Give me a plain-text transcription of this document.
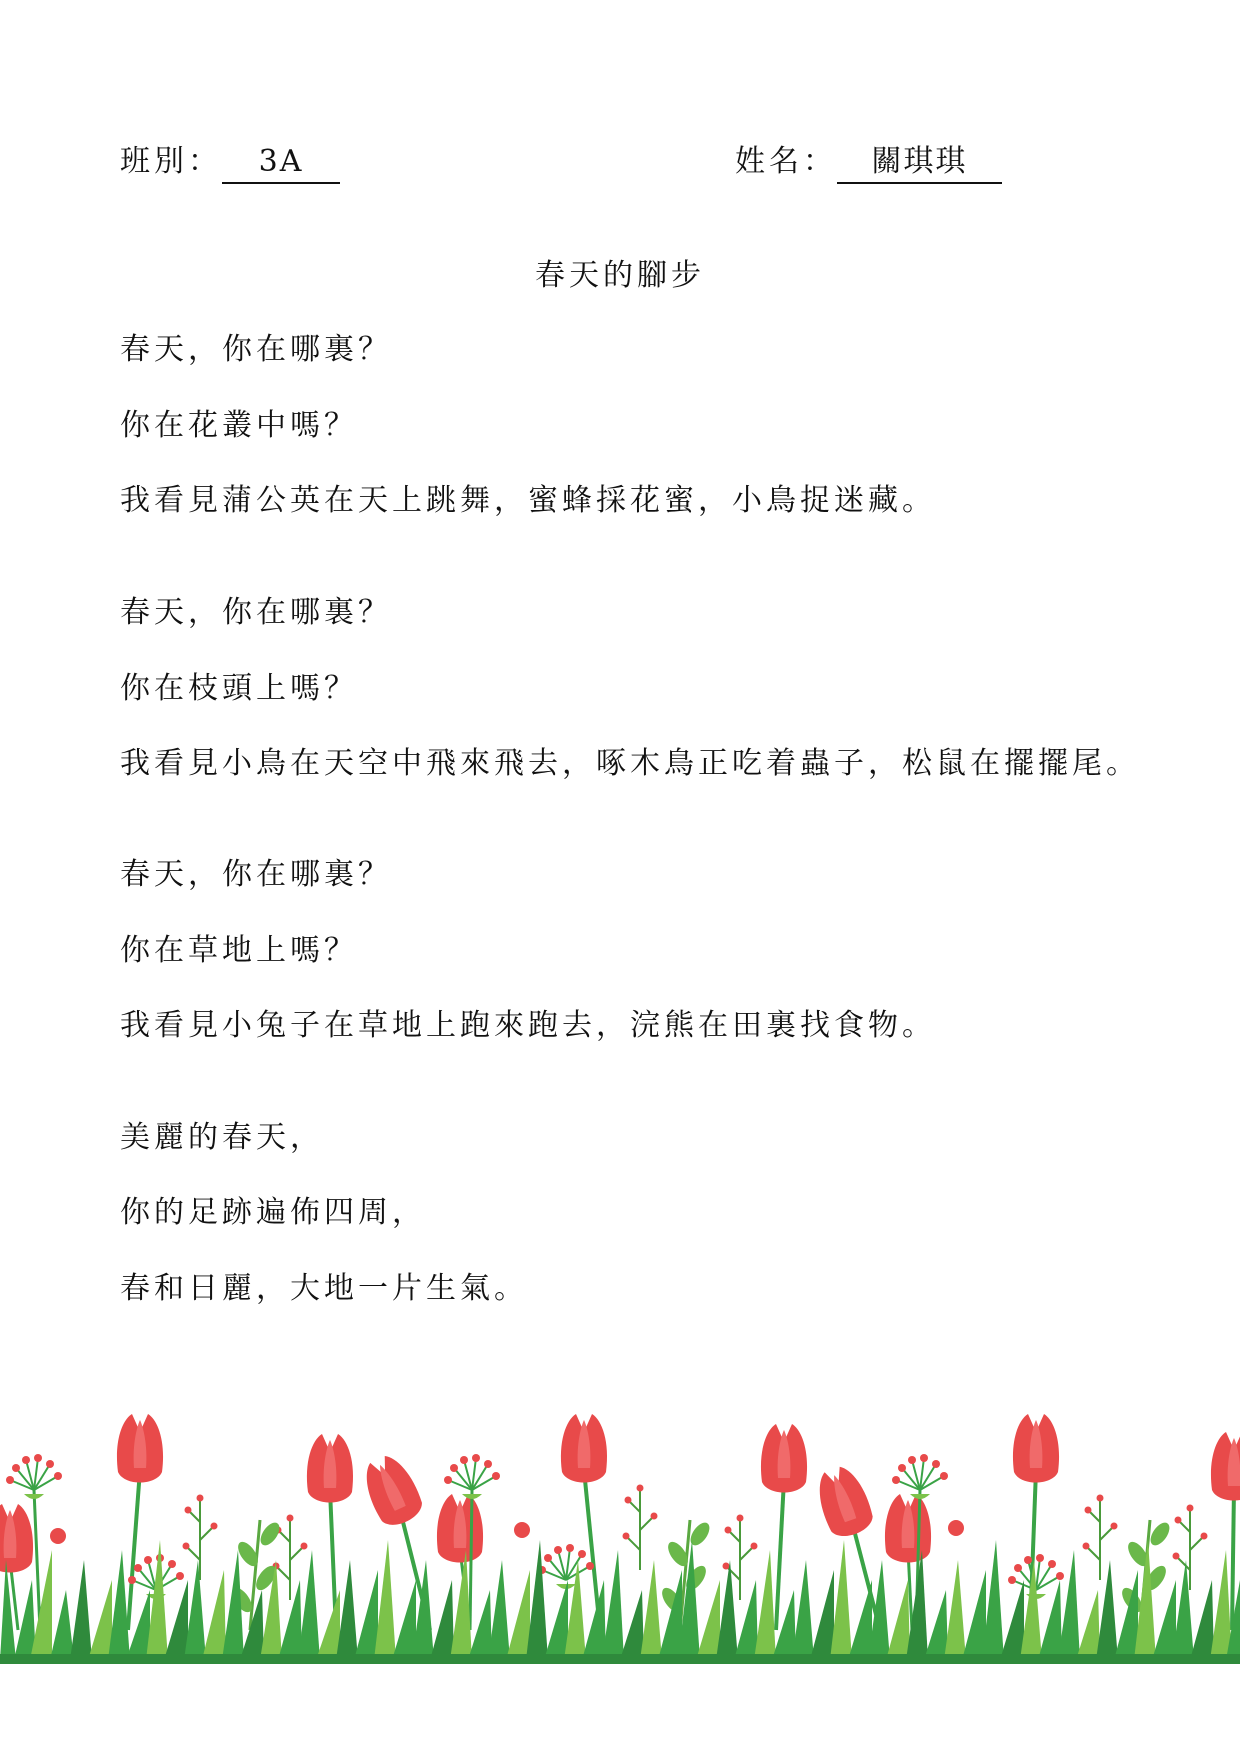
班別： 3A	姓名： 關琪琪
春天的腳步
春天，你在哪裏？
你在花叢中嗎？
我看見蒲公英在天上跳舞，蜜蜂採花蜜，小鳥捉迷藏。
春天，你在哪裏？
你在枝頭上嗎？
我看見小鳥在天空中飛來飛去，啄木鳥正吃着蟲子，松鼠在擺擺尾。
春天，你在哪裏？
你在草地上嗎？
我看見小兔子在草地上跑來跑去，浣熊在田裏找食物。
美麗的春天，
你的足跡遍佈四周，
春和日麗，大地一片生氣。
